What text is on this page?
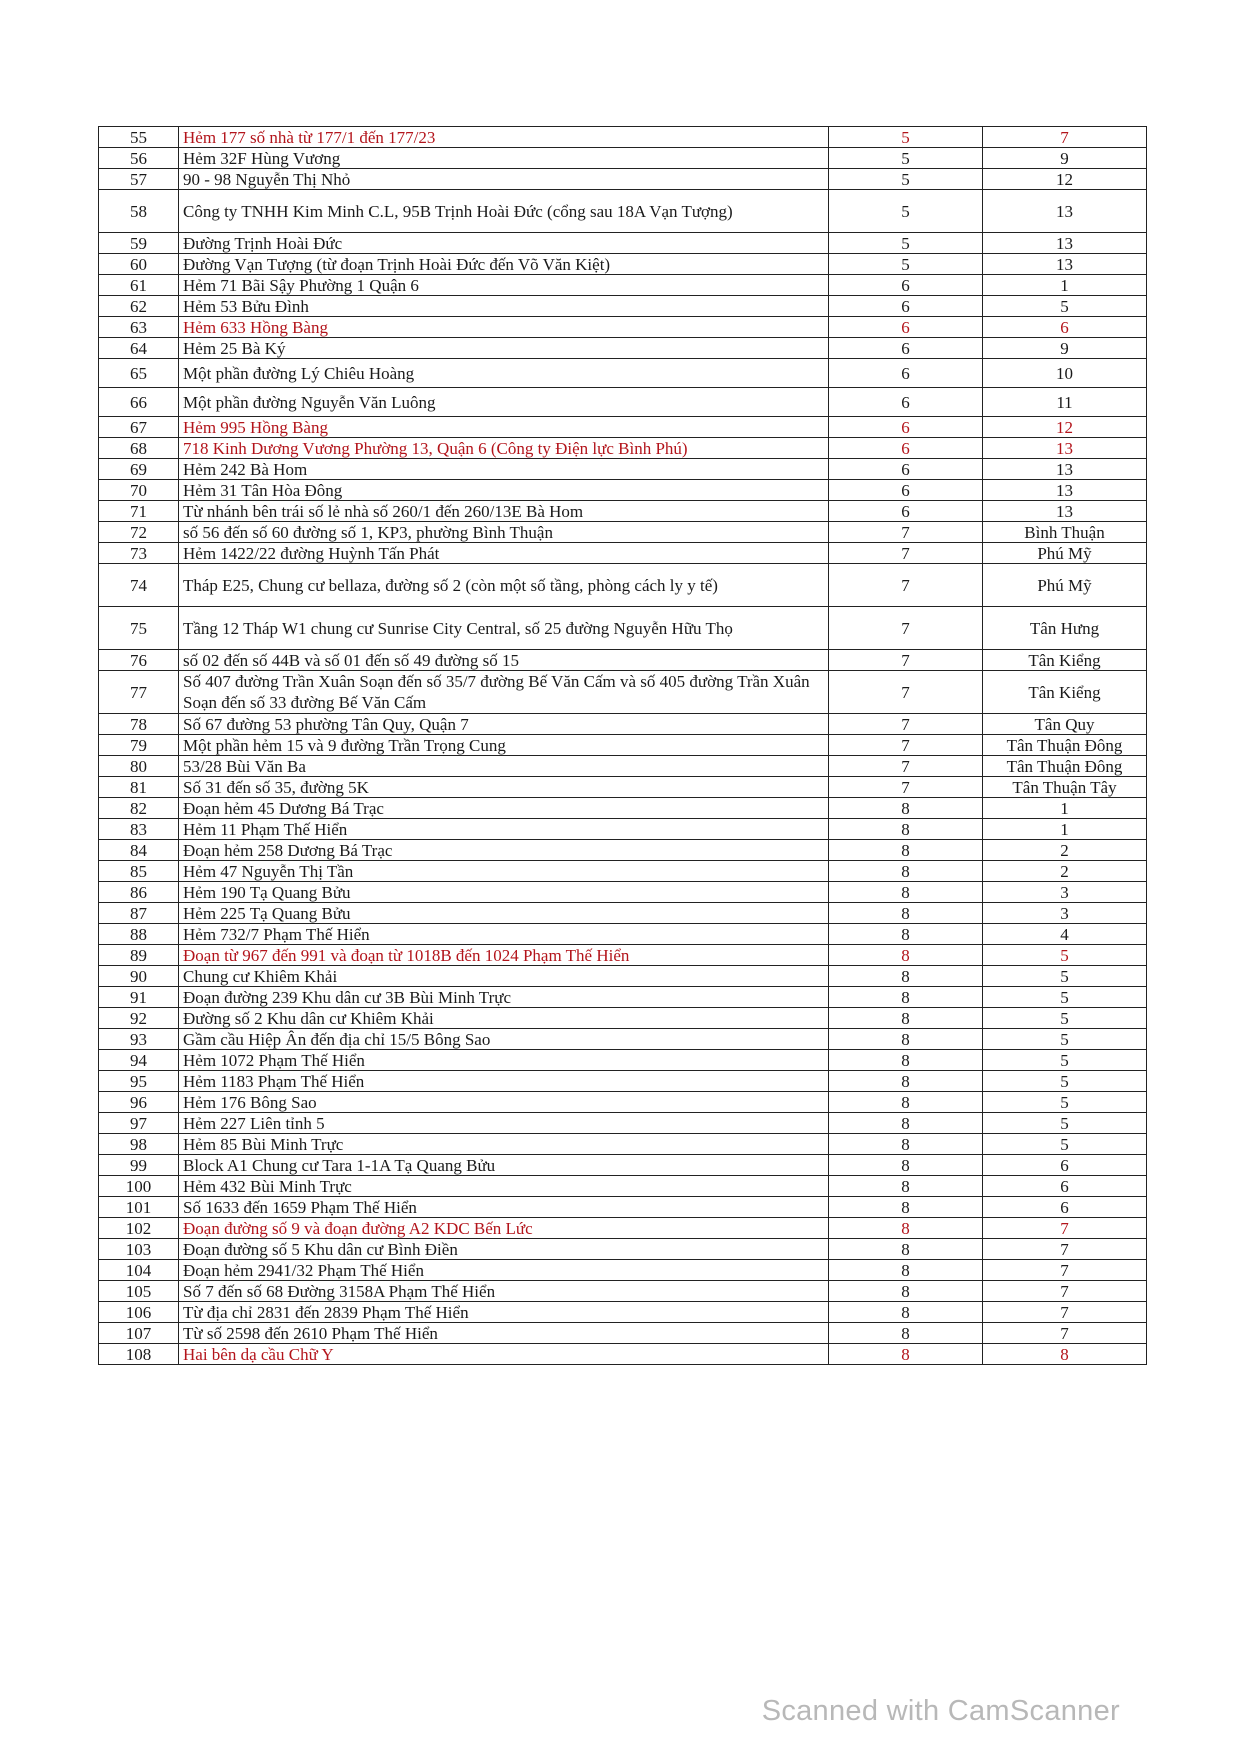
55	Hẻm 177 số nhà từ 177/1 đến 177/23	5	7
56	Hẻm 32F Hùng Vương	5	9
57	90 - 98 Nguyễn Thị Nhỏ	5	12
58	Công ty TNHH Kim Minh C.L, 95B Trịnh Hoài Đức (cổng sau 18A Vạn Tượng)	5	13
59	Đường Trịnh Hoài Đức	5	13
60	Đường Vạn Tượng (từ đoạn Trịnh Hoài Đức đến Võ Văn Kiệt)	5	13
61	Hẻm 71 Bãi Sậy Phường 1 Quận 6	6	1
62	Hẻm 53 Bửu Đình	6	5
63	Hẻm 633 Hồng Bàng	6	6
64	Hẻm 25 Bà Ký	6	9
65	Một phần đường Lý Chiêu Hoàng	6	10
66	Một phần đường Nguyễn Văn Luông	6	11
67	Hẻm 995 Hồng Bàng	6	12
68	718 Kinh Dương Vương Phường 13, Quận 6 (Công ty Điện lực Bình Phú)	6	13
69	Hẻm 242 Bà Hom	6	13
70	Hẻm 31 Tân Hòa Đông	6	13
71	Từ nhánh bên trái số lẻ nhà số 260/1 đến 260/13E Bà Hom	6	13
72	số 56 đến số 60 đường số 1, KP3, phường Bình Thuận	7	Bình Thuận
73	Hẻm 1422/22 đường Huỳnh Tấn Phát	7	Phú Mỹ
74	Tháp E25, Chung cư bellaza, đường số 2 (còn một số tầng, phòng cách ly y tế)	7	Phú Mỹ
75	Tầng 12 Tháp W1 chung cư Sunrise City Central, số 25 đường Nguyễn Hữu Thọ	7	Tân Hưng
76	số 02 đến số 44B và số 01 đến số 49 đường số 15	7	Tân Kiểng
77	Số 407 đường Trần Xuân Soạn đến số 35/7 đường Bế Văn Cấm và số 405 đường Trần Xuân Soạn đến số 33 đường Bế Văn Cấm	7	Tân Kiểng
78	Số 67 đường 53 phường Tân Quy, Quận 7	7	Tân Quy
79	Một phần hẻm 15 và 9 đường Trần Trọng Cung	7	Tân Thuận Đông
80	53/28 Bùi Văn Ba	7	Tân Thuận Đông
81	Số 31 đến số 35, đường 5K	7	Tân Thuận Tây
82	Đoạn hẻm 45 Dương Bá Trạc	8	1
83	Hẻm 11 Phạm Thế Hiển	8	1
84	Đoạn hẻm 258 Dương Bá Trạc	8	2
85	Hẻm 47 Nguyễn Thị Tần	8	2
86	Hẻm 190 Tạ Quang Bửu	8	3
87	Hẻm 225 Tạ Quang Bửu	8	3
88	Hẻm 732/7 Phạm Thế Hiển	8	4
89	Đoạn từ 967 đến 991 và đoạn từ 1018B đến 1024 Phạm Thế Hiển	8	5
90	Chung cư Khiêm Khải	8	5
91	Đoạn đường 239 Khu dân cư 3B Bùi Minh Trực	8	5
92	Đường số 2 Khu dân cư Khiêm Khải	8	5
93	Gầm cầu Hiệp Ân đến địa chỉ 15/5 Bông Sao	8	5
94	Hẻm 1072 Phạm Thế Hiển	8	5
95	Hẻm 1183 Phạm Thế Hiển	8	5
96	Hẻm 176 Bông Sao	8	5
97	Hẻm 227 Liên tỉnh 5	8	5
98	Hẻm 85 Bùi Minh Trực	8	5
99	Block A1 Chung cư Tara 1-1A Tạ Quang Bửu	8	6
100	Hẻm 432 Bùi Minh Trực	8	6
101	Số 1633 đến 1659 Phạm Thế Hiển	8	6
102	Đoạn đường số 9 và đoạn đường A2 KDC Bến Lức	8	7
103	Đoạn đường số 5 Khu dân cư Bình Điền	8	7
104	Đoạn hẻm 2941/32 Phạm Thế Hiển	8	7
105	Số 7 đến số 68 Đường 3158A Phạm Thế Hiển	8	7
106	Từ địa chỉ 2831 đến 2839 Phạm Thế Hiển	8	7
107	Từ số 2598 đến 2610 Phạm Thế Hiển	8	7
108	Hai bên dạ cầu Chữ Y	8	8
Scanned with CamScanner
